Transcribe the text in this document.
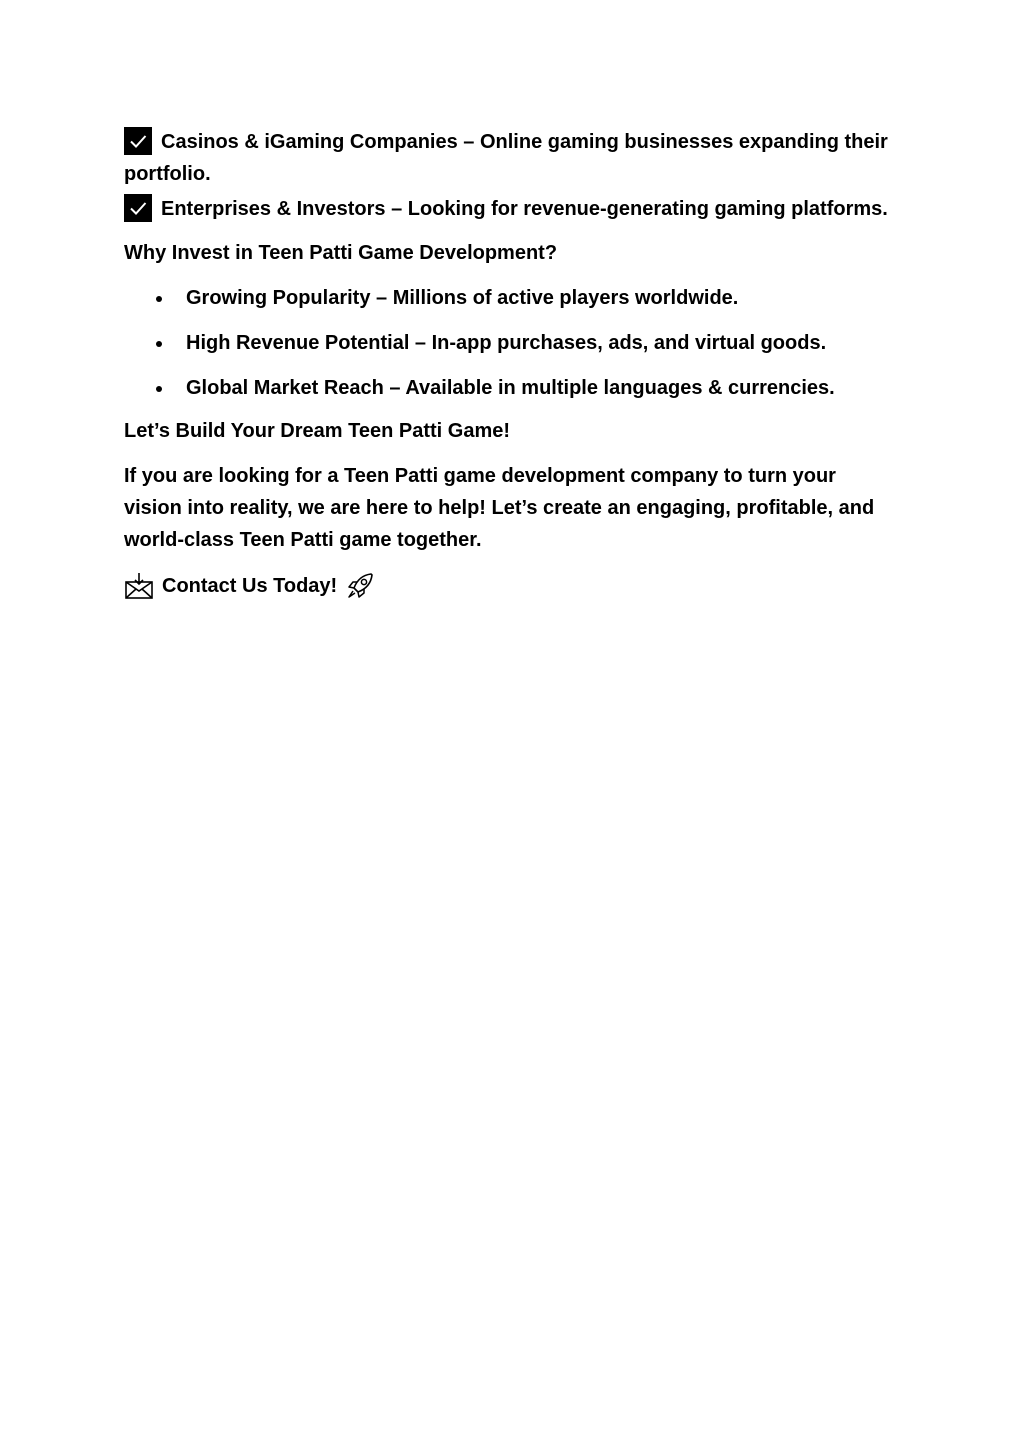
Casinos & iGaming Companies – Online gaming businesses expanding their portfolio.

Enterprises & Investors – Looking for revenue-generating gaming platforms.

Why Invest in Teen Patti Game Development?

Growing Popularity – Millions of active players worldwide.
High Revenue Potential – In-app purchases, ads, and virtual goods.
Global Market Reach – Available in multiple languages & currencies.

Let’s Build Your Dream Teen Patti Game!

If you are looking for a Teen Patti game development company to turn your vision into reality, we are here to help! Let’s create an engaging, profitable, and world-class Teen Patti game together.

Contact Us Today!
